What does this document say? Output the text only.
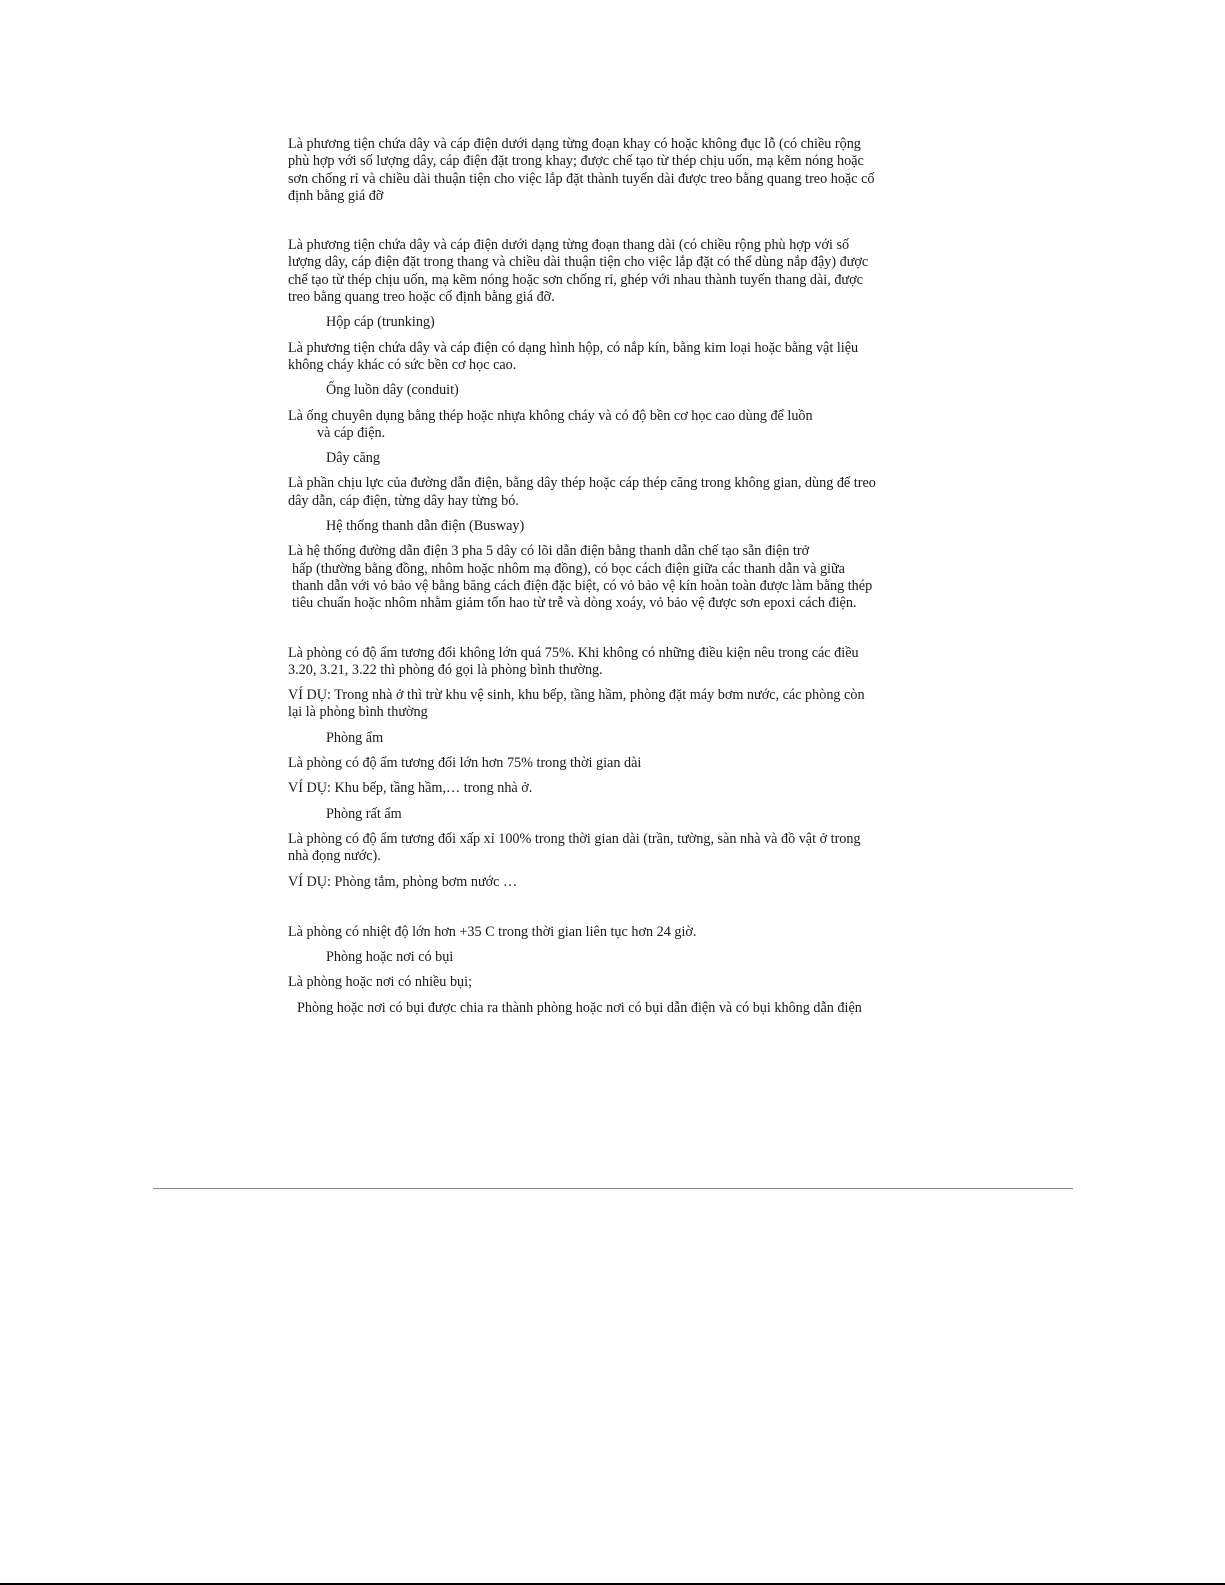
Là phương tiện chứa dây và cáp điện dưới dạng từng đoạn khay có hoặc không đục lỗ (có chiều rộng phù hợp với số lượng dây, cáp điện đặt trong khay; được chế tạo từ thép chịu uốn, mạ kẽm nóng hoặc sơn chống rỉ và chiều dài thuận tiện cho việc lắp đặt thành tuyến dài được treo bằng quang treo hoặc cố định bằng giá đỡ

Là phương tiện chứa dây và cáp điện dưới dạng từng đoạn thang dài (có chiều rộng phù hợp với số lượng dây, cáp điện đặt trong thang và chiều dài thuận tiện cho việc lắp đặt có thể dùng nắp đậy) được chế tạo từ thép chịu uốn, mạ kẽm nóng hoặc sơn chống rỉ, ghép với nhau thành tuyến thang dài, được treo bằng quang treo hoặc cố định bằng giá đỡ.

Hộp cáp (trunking)

Là phương tiện chứa dây và cáp điện có dạng hình hộp, có nắp kín, bằng kim loại hoặc bằng vật liệu không cháy khác có sức bền cơ học cao.

Ống luồn dây (conduit)

Là ống chuyên dụng bằng thép hoặc nhựa không cháy và có độ bền cơ học cao dùng để luồn

và cáp điện.

Dây căng

Là phần chịu lực của đường dẫn điện, bằng dây thép hoặc cáp thép căng trong không gian, dùng để treo dây dẫn, cáp điện, từng dây hay từng bó.

Hệ thống thanh dẫn điện (Busway)

Là hệ thống đường dẫn điện 3 pha 5 dây có lõi dẫn điện bằng thanh dẫn chế tạo sẵn điện trở

hấp (thường bằng đồng, nhôm hoặc nhôm mạ đồng), có bọc cách điện giữa các thanh dẫn và giữa thanh dẫn với vỏ bảo vệ bằng băng cách điện đặc biệt, có vỏ bảo vệ kín hoàn toàn được làm bằng thép tiêu chuẩn hoặc nhôm nhằm giảm tổn hao từ trễ và dòng xoáy, vỏ bảo vệ được sơn epoxi cách điện.

Là phòng có độ ẩm tương đối không lớn quá 75%. Khi không có những điều kiện nêu trong các điều 3.20, 3.21, 3.22 thì phòng đó gọi là phòng bình thường.

VÍ DỤ: Trong nhà ở thì trừ khu vệ sinh, khu bếp, tầng hầm, phòng đặt máy bơm nước, các phòng còn lại là phòng bình thường

Phòng ẩm

Là phòng có độ ẩm tương đối lớn hơn 75% trong thời gian dài

VÍ DỤ: Khu bếp, tầng hầm,… trong nhà ở.

Phòng rất ẩm

Là phòng có độ ẩm tương đối xấp xỉ 100% trong thời gian dài (trần, tường, sàn nhà và đồ vật ở trong nhà đọng nước).

VÍ DỤ: Phòng tắm, phòng bơm nước …

Là phòng có nhiệt độ lớn hơn +35 C trong thời gian liên tục hơn 24 giờ.

Phòng hoặc nơi có bụi

Là phòng hoặc nơi có nhiều bụi;

Phòng hoặc nơi có bụi được chia ra thành phòng hoặc nơi có bụi dẫn điện và có bụi không dẫn điện
